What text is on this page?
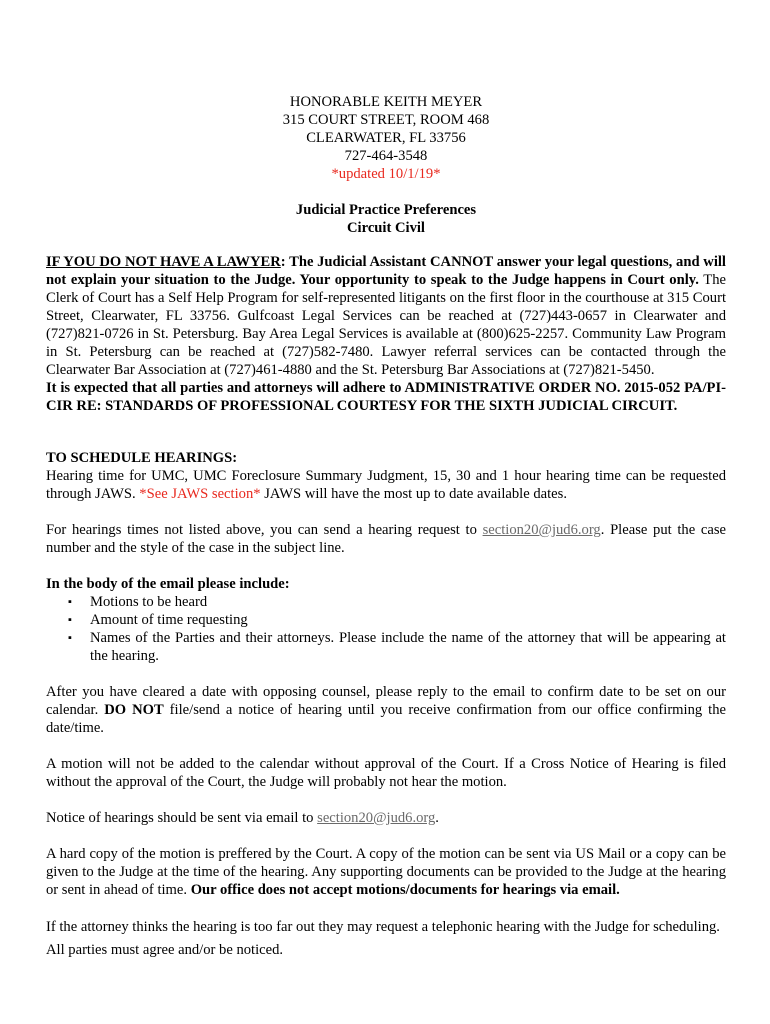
HONORABLE KEITH MEYER
315 COURT STREET, ROOM 468
CLEARWATER, FL 33756
727-464-3548
*updated 10/1/19*
Judicial Practice Preferences
Circuit Civil

IF YOU DO NOT HAVE A LAWYER: The Judicial Assistant CANNOT answer your legal questions, and will not explain your situation to the Judge. Your opportunity to speak to the Judge happens in Court only. The Clerk of Court has a Self Help Program for self-represented litigants on the first floor in the courthouse at 315 Court Street, Clearwater, FL 33756. Gulfcoast Legal Services can be reached at (727)443-0657 in Clearwater and (727)821-0726 in St. Petersburg. Bay Area Legal Services is available at (800)625-2257. Community Law Program in St. Petersburg can be reached at (727)582-7480. Lawyer referral services can be contacted through the Clearwater Bar Association at (727)461-4880 and the St. Petersburg Bar Associations at (727)821-5450.

It is expected that all parties and attorneys will adhere to ADMINISTRATIVE ORDER NO. 2015-052 PA/PI-CIR RE: STANDARDS OF PROFESSIONAL COURTESY FOR THE SIXTH JUDICIAL CIRCUIT.

TO SCHEDULE HEARINGS:

Hearing time for UMC, UMC Foreclosure Summary Judgment, 15, 30 and 1 hour hearing time can be requested through JAWS. *See JAWS section* JAWS will have the most up to date available dates.

For hearings times not listed above, you can send a hearing request to section20@jud6.org. Please put the case number and the style of the case in the subject line.

In the body of the email please include:

▪ Motions to be heard
▪ Amount of time requesting
▪ Names of the Parties and their attorneys. Please include the name of the attorney that will be appearing at the hearing.

After you have cleared a date with opposing counsel, please reply to the email to confirm date to be set on our calendar. DO NOT file/send a notice of hearing until you receive confirmation from our office confirming the date/time.

A motion will not be added to the calendar without approval of the Court. If a Cross Notice of Hearing is filed without the approval of the Court, the Judge will probably not hear the motion.

Notice of hearings should be sent via email to section20@jud6.org.

A hard copy of the motion is preffered by the Court. A copy of the motion can be sent via US Mail or a copy can be given to the Judge at the time of the hearing. Any supporting documents can be provided to the Judge at the hearing or sent in ahead of time. Our office does not accept motions/documents for hearings via email.

If the attorney thinks the hearing is too far out they may request a telephonic hearing with the Judge for scheduling. All parties must agree and/or be noticed.
